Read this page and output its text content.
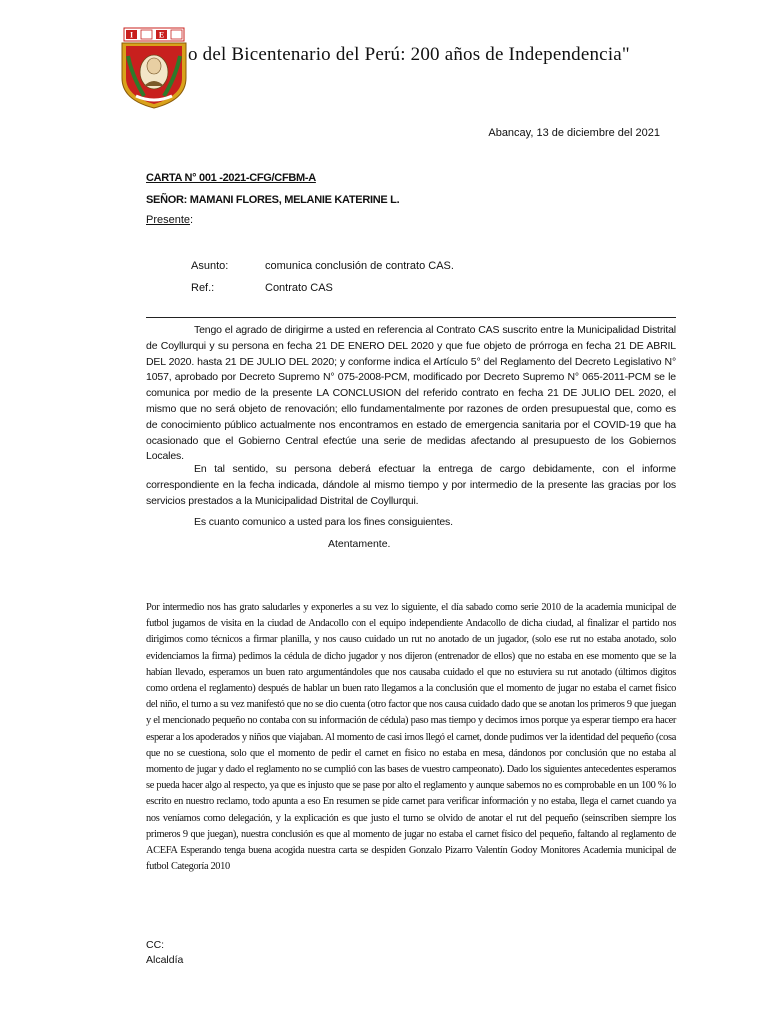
I	E
o del Bicentenario del Perú: 200 años de Independencia"
Abancay, 13 de diciembre del 2021
CARTA N° 001 -2021-CFG/CFBM-A
SEÑOR: MAMANI FLORES, MELANIE KATERINE L.
Presente:
Asunto:	comunica conclusión de contrato CAS.
Ref.:	Contrato CAS

Tengo el agrado de dirigirme a usted en referencia al Contrato CAS suscrito entre la Municipalidad Distrital de Coyllurqui y su persona en fecha 21 DE ENERO DEL 2020 y que fue objeto de prórroga en fecha 21 DE ABRIL DEL 2020. hasta 21 DE JULIO DEL 2020; y conforme indica el Artículo 5° del Reglamento del Decreto Legislativo N° 1057, aprobado por Decreto Supremo N° 075-2008-PCM, modificado por Decreto Supremo N° 065-2011-PCM se le comunica por medio de la presente LA CONCLUSION del referido contrato en fecha 21 DE JULIO DEL 2020, el mismo que no será objeto de renovación; ello fundamentalmente por razones de orden presupuestal que, como es de conocimiento público actualmente nos encontramos en estado de emergencia sanitaria por el COVID-19 que ha ocasionado que el Gobierno Central efectúe una serie de medidas afectando al presupuesto de los Gobiernos Locales.

En tal sentido, su persona deberá efectuar la entrega de cargo debidamente, con el informe correspondiente en la fecha indicada, dándole al mismo tiempo y por intermedio de la presente las gracias por los servicios prestados a la Municipalidad Distrital de Coyllurqui.

Es cuanto comunico a usted para los fines consiguientes.

Atentamente.

Por intermedio nos has grato saludarles y exponerles a su vez lo siguiente, el día sabado como serie 2010 de la academia municipal de futbol jugamos de visita en la ciudad de Andacollo con el equipo independiente Andacollo de dicha ciudad, al finalizar el partido nos dirigimos como técnicos a firmar planilla, y nos causo cuidado un rut no anotado de un jugador, (solo ese rut no estaba anotado, solo evidenciamos la firma) pedimos la cédula de dicho jugador y nos dijeron (entrenador de ellos) que no estaba en ese momento que se la habían llevado, esperamos un buen rato argumentándoles que nos causaba cuidado el que no estuviera su rut anotado (últimos digitos como ordena el reglamento) después de hablar un buen rato llegamos a la conclusión que el momento de jugar no estaba el carnet fisico del niño, el turno a su vez manifestó que no se dio cuenta (otro factor que nos causa cuidado dado que se anotan los primeros 9 que juegan y el mencionado pequeño no contaba con su información de cédula) paso mas tiempo y decimos irnos porque ya esperar tiempo era hacer esperar a los apoderados y niños que viajaban. Al momento de casi irnos llegó el carnet, donde pudimos ver la identidad del pequeño (cosa que no se cuestiona, solo que el momento de pedir el carnet en fisico no estaba en mesa, dándonos por conclusión que no estaba al momento de jugar y dado el reglamento no se cumplió con las bases de vuestro campeonato). Dado los siguientes antecedentes esperamos se pueda hacer algo al respecto, ya que es injusto que se pase por alto el reglamento y aunque sabemos no es comprobable en un 100 % lo escrito en nuestro reclamo, todo apunta a eso En resumen se pide carnet para verificar información y no estaba, llega el carnet cuando ya nos veníamos como delegación, y la explicación es que justo el turno se olvido de anotar el rut del pequeño (seinscriben siempre los primeros 9 que juegan), nuestra conclusión es que al momento de jugar no estaba el carnet físico del pequeño, faltando al reglamento de ACEFA Esperando tenga buena acogida nuestra carta se despiden Gonzalo Pizarro Valentín Godoy Monitores Academia municipal de futbol Categoría 2010

CC:
Alcaldía
